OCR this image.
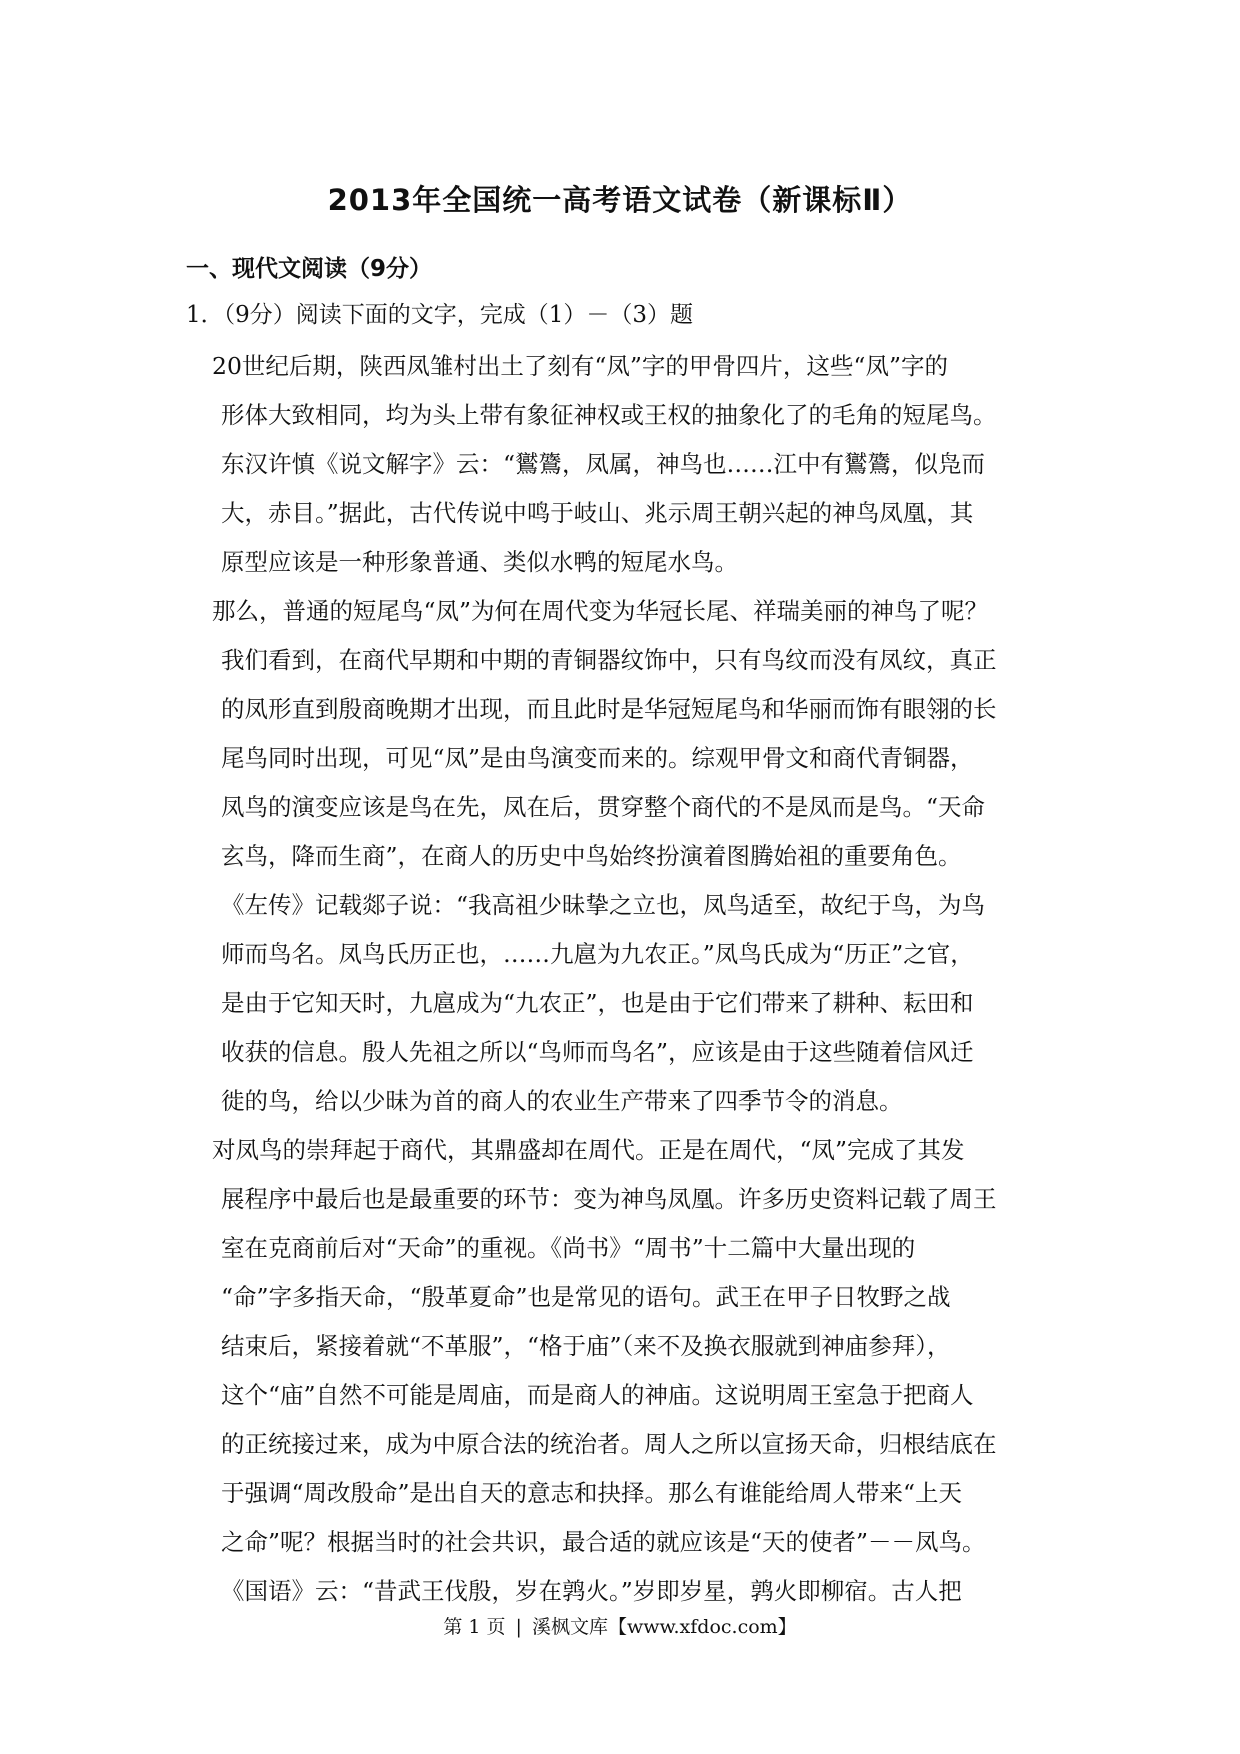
2013年全国统一高考语文试卷（新课标Ⅱ）
一、现代文阅读（9分）
1．（9分）阅读下面的文字，完成（1）－（3）题
20世纪后期，陕西凤雏村出土了刻有“凤”字的甲骨四片，这些“凤”字的
形体大致相同，均为头上带有象征神权或王权的抽象化了的毛角的短尾鸟。
东汉许慎《说文解字》云：“鸑鷟，凤属，神鸟也……江中有鸑鷟，似凫而
大，赤目。”据此，古代传说中鸣于岐山、兆示周王朝兴起的神鸟凤凰，其
原型应该是一种形象普通、类似水鸭的短尾水鸟。
那么，普通的短尾鸟“凤”为何在周代变为华冠长尾、祥瑞美丽的神鸟了呢？
我们看到，在商代早期和中期的青铜器纹饰中，只有鸟纹而没有凤纹，真正
的凤形直到殷商晚期才出现，而且此时是华冠短尾鸟和华丽而饰有眼翎的长
尾鸟同时出现，可见“凤”是由鸟演变而来的。综观甲骨文和商代青铜器，
凤鸟的演变应该是鸟在先，凤在后，贯穿整个商代的不是凤而是鸟。“天命
玄鸟，降而生商”，在商人的历史中鸟始终扮演着图腾始祖的重要角色。
《左传》记载郯子说：“我高祖少昧挚之立也，凤鸟适至，故纪于鸟，为鸟
师而鸟名。凤鸟氏历正也，……九扈为九农正。”凤鸟氏成为“历正”之官，
是由于它知天时，九扈成为“九农正”，也是由于它们带来了耕种、耘田和
收获的信息。殷人先祖之所以“鸟师而鸟名”，应该是由于这些随着信风迁
徙的鸟，给以少昧为首的商人的农业生产带来了四季节令的消息。
对凤鸟的崇拜起于商代，其鼎盛却在周代。正是在周代，“凤”完成了其发
展程序中最后也是最重要的环节：变为神鸟凤凰。许多历史资料记载了周王
室在克商前后对“天命”的重视。《尚书》“周书”十二篇中大量出现的
“命”字多指天命，“殷革夏命”也是常见的语句。武王在甲子日牧野之战
结束后，紧接着就“不革服”，“格于庙”（来不及换衣服就到神庙参拜），
这个“庙”自然不可能是周庙，而是商人的神庙。这说明周王室急于把商人
的正统接过来，成为中原合法的统治者。周人之所以宣扬天命，归根结底在
于强调“周改殷命”是出自天的意志和抉择。那么有谁能给周人带来“上天
之命”呢？根据当时的社会共识，最合适的就应该是“天的使者”－－凤鸟。
《国语》云：“昔武王伐殷，岁在鹑火。”岁即岁星，鹑火即柳宿。古人把
第 1 页 | 溪枫文库【www.xfdoc.com】
